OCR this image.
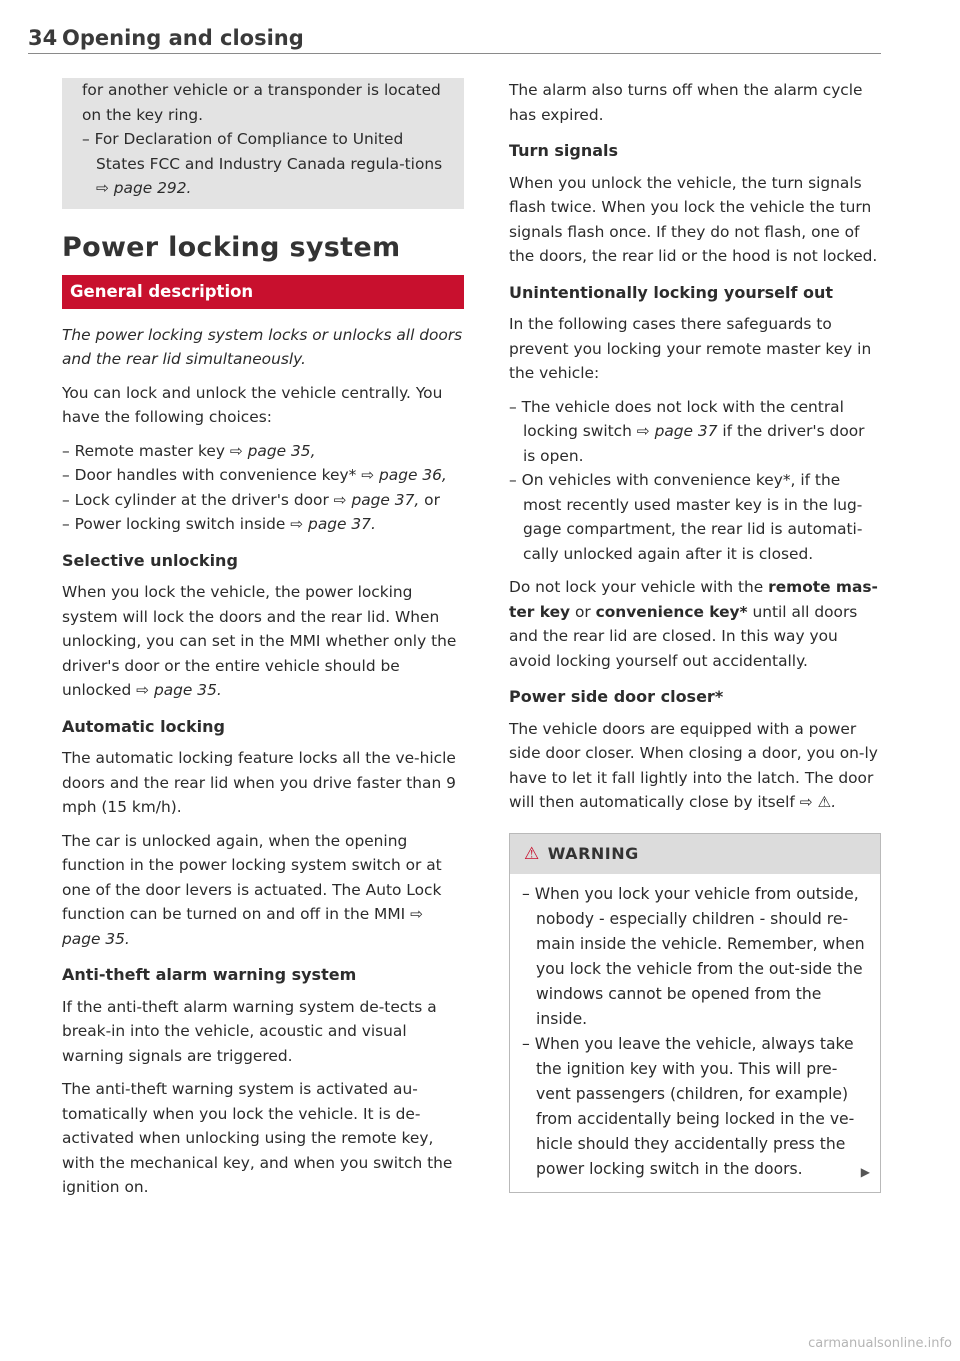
34 Opening and closing

for another vehicle or a transponder is located on the key ring.

– For Declaration of Compliance to United States FCC and Industry Canada regula-tions ⇨ page 292.

Power locking system

General description

The power locking system locks or unlocks all doors and the rear lid simultaneously.

You can lock and unlock the vehicle centrally. You have the following choices:

– Remote master key ⇨ page 35,

– Door handles with convenience key* ⇨ page 36,

– Lock cylinder at the driver's door ⇨ page 37, or

– Power locking switch inside ⇨ page 37.

Selective unlocking

When you lock the vehicle, the power locking system will lock the doors and the rear lid. When unlocking, you can set in the MMI whether only the driver's door or the entire vehicle should be unlocked ⇨ page 35.

Automatic locking

The automatic locking feature locks all the ve-hicle doors and the rear lid when you drive faster than 9 mph (15 km/h).

The car is unlocked again, when the opening function in the power locking system switch or at one of the door levers is actuated. The Auto Lock function can be turned on and off in the MMI ⇨ page 35.

Anti-theft alarm warning system

If the anti-theft alarm warning system de-tects a break-in into the vehicle, acoustic and visual warning signals are triggered.

The anti-theft warning system is activated au-tomatically when you lock the vehicle. It is de-activated when unlocking using the remote key, with the mechanical key, and when you switch the ignition on.

The alarm also turns off when the alarm cycle has expired.

Turn signals

When you unlock the vehicle, the turn signals flash twice. When you lock the vehicle the turn signals flash once. If they do not flash, one of the doors, the rear lid or the hood is not locked.

Unintentionally locking yourself out

In the following cases there safeguards to prevent you locking your remote master key in the vehicle:

– The vehicle does not lock with the central locking switch ⇨ page 37 if the driver's door is open.

– On vehicles with convenience key*, if the most recently used master key is in the lug-gage compartment, the rear lid is automati-cally unlocked again after it is closed.

Do not lock your vehicle with the remote mas-ter key or convenience key* until all doors and the rear lid are closed. In this way you avoid locking yourself out accidentally.

Power side door closer*

The vehicle doors are equipped with a power side door closer. When closing a door, you on-ly have to let it fall lightly into the latch. The door will then automatically close by itself ⇨ ⚠.

⚠ WARNING

– When you lock your vehicle from outside, nobody - especially children - should re-main inside the vehicle. Remember, when you lock the vehicle from the out-side the windows cannot be opened from the inside.

– When you leave the vehicle, always take the ignition key with you. This will pre-vent passengers (children, for example) from accidentally being locked in the ve-hicle should they accidentally press the power locking switch in the doors.	▶
carmanualsonline.info
